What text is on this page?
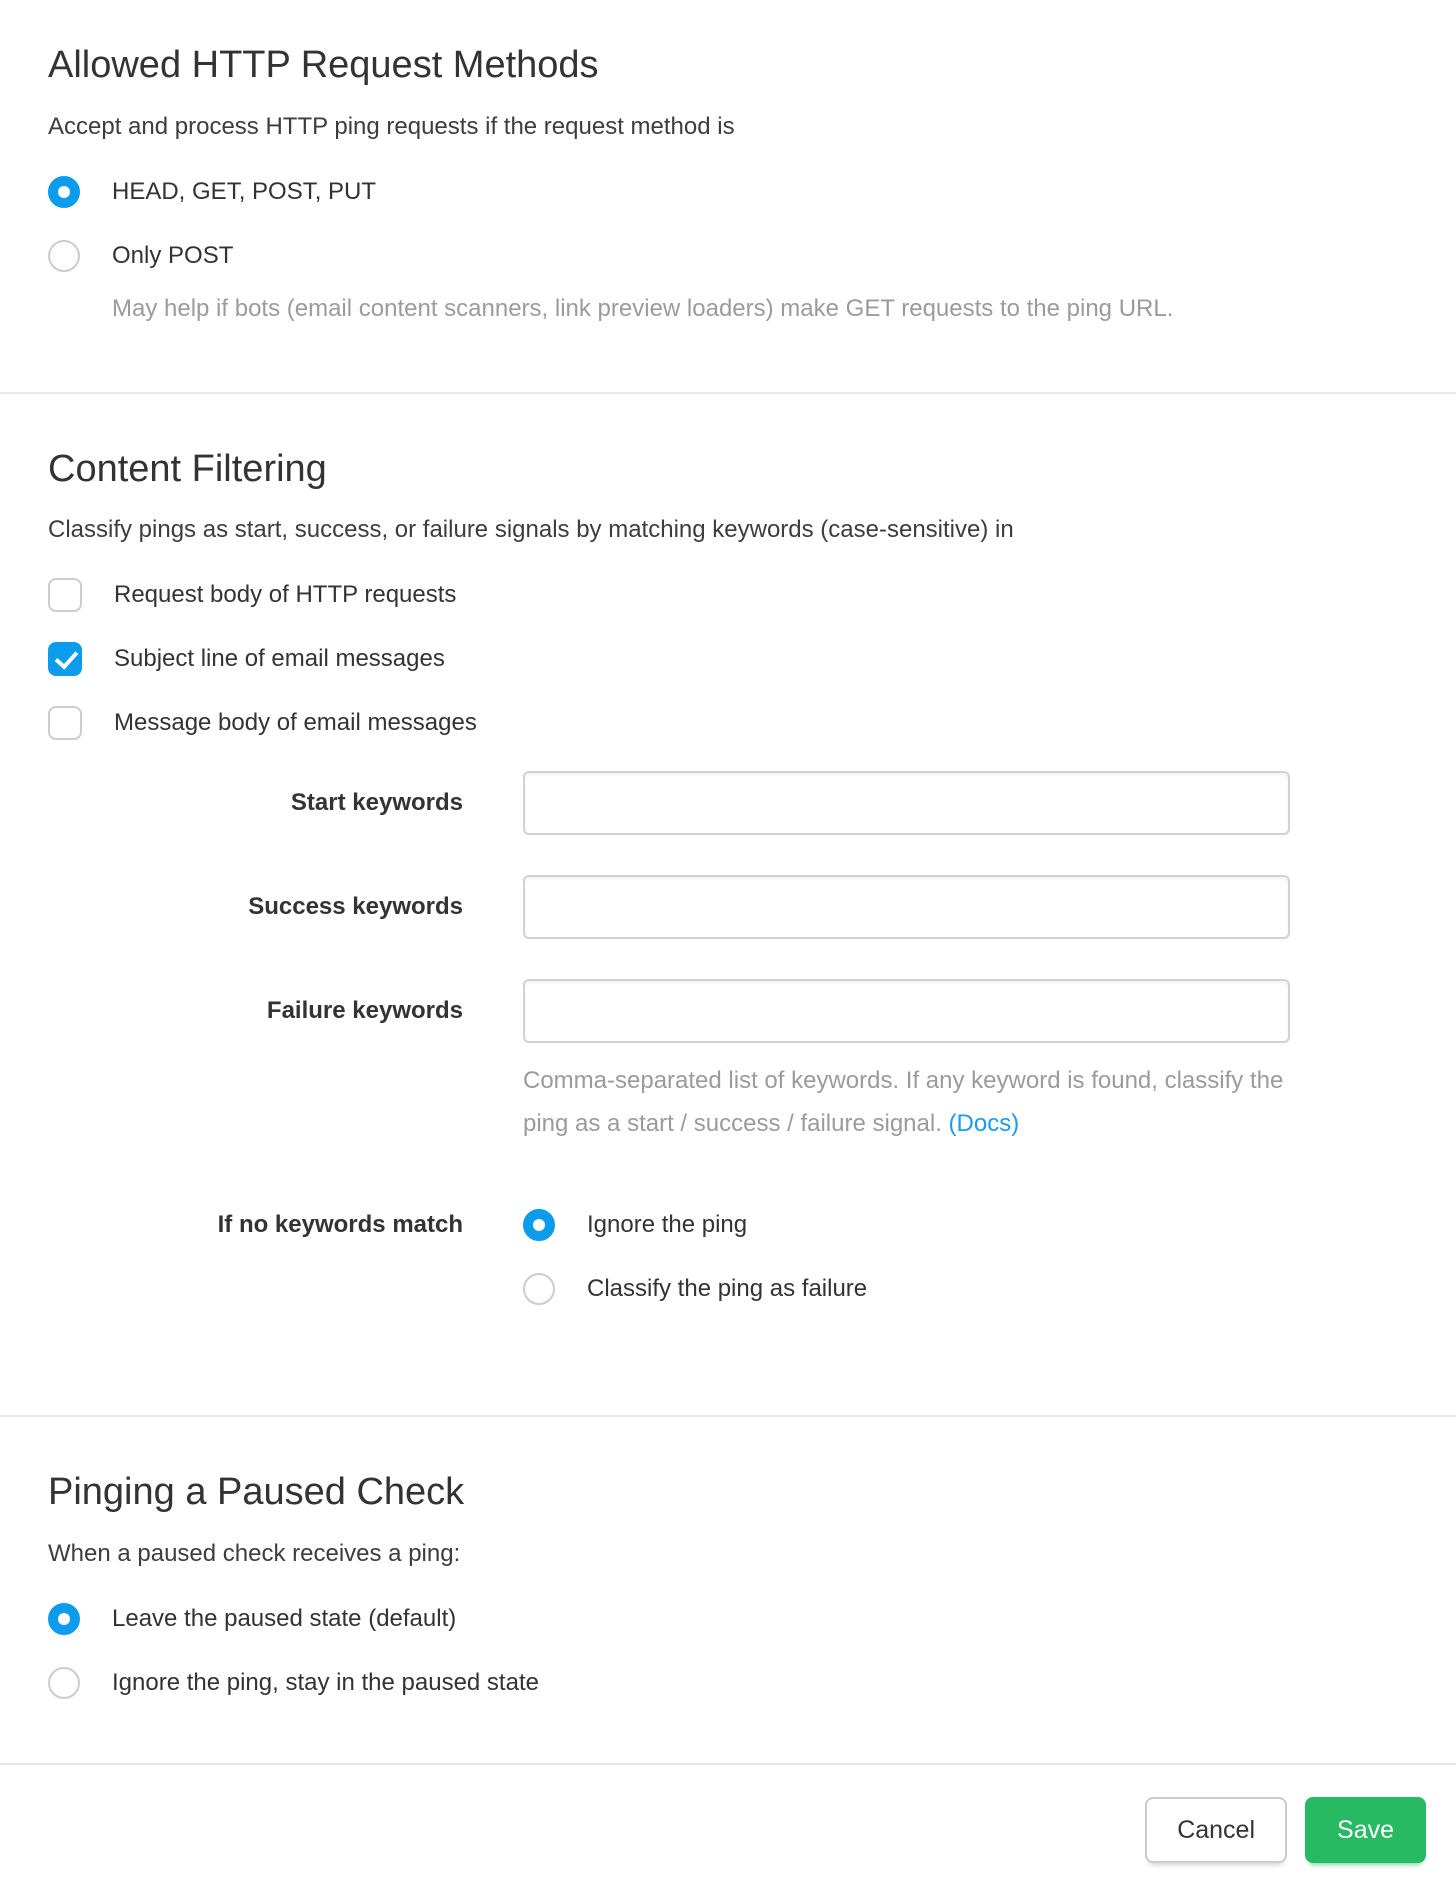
Allowed HTTP Request Methods

Accept and process HTTP ping requests if the request method is

HEAD, GET, POST, PUT
Only POST

May help if bots (email content scanners, link preview loaders) make GET requests to the ping URL.

Content Filtering

Classify pings as start, success, or failure signals by matching keywords (case-sensitive) in

Request body of HTTP requests
Subject line of email messages
Message body of email messages
Start keywords
Success keywords
Failure keywords

Comma-separated list of keywords. If any keyword is found, classify the ping as a start / success / failure signal. (Docs)

If no keywords match	Ignore the ping
Classify the ping as failure
Pinging a Paused Check

When a paused check receives a ping:

Leave the paused state (default)
Ignore the ping, stay in the paused state
Cancel	Save
